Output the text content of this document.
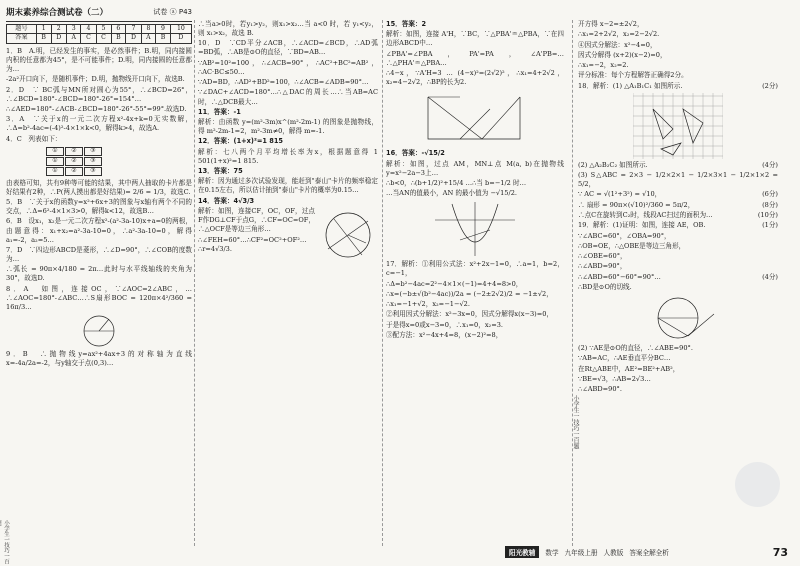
期末素养综合测试卷（二）	试卷 ⓐ P43
题号	1	2	3	4	5	6	7	8	9	10
答案	B	D	A	C	C	B	D	A	B	D

1．B　A.明，已经发生的事实，是必然事件；B.明，同内接圆内积的任意都为45°，是不可能事件；D.明，同内接圆的任意都为…

-2a²开口向下，是随机事件；D.明，抛物线开口向下，故选B.

2．D　∵ BC弧与MN所对圆心为55°，∴∠BCD=26°，∴∠BCD=180°-∠BCD=180°-26°=154°…

∴∠AED=180°-∠ACB-∠BCD=180°-26°-55°=99°.故选D.

3．A　∵关于x的一元二次方程x²-4x+k=0无实数解，∴Δ=b²-4ac=(-4)²-4×1×k<0，解得k>4，故选A.

4．C　列表如下：

①	②	③
①	②	③
①	②	③

由表格可知，共有9种等可能的结果，其中两人抽取的卡片都是好结果有2种，∴P(两人摸出都是好结果)= 2/6 = 1/3，故选C.

5．B　∵关于x的函数y=x²+6x+3的图象与x轴有两个不同的交点，∴Δ=6²-4×1×3>0，解得k<12，故选B…

6．B　设x₁，x₂是一元二次方程x²-(a²-3a-10)x+a=0的两根，由题意得：x₁+x₂=a²-3a-10=0，∴a²-3a-10=0，解得a₁=-2，a₂=5…

7．D　∵四边形ABCD是菱形，∴∠D=90°，∴∠COB的度数为…

∴弧长 = 90π×4/180 = 2π…此时与水平线轴线的夹角为30°，故选D.

8．A　如图，连接OC，∵∠AOC=2∠ABC，…∴∠AOC=180°-∠ABC…∴S扇形BOC = 120π×4²/360 = 16π/3…

9．B　∴抛物线y=ax²+4ax+3的对称轴为直线x=-4a/2a=-2，与y轴交于点(0,3)…

∴当a>0时，若y₁>y₂，则x₁>x₂…当 a<0 时，若 y₁<y₂，则 x₁>x₂，故选 B.

10．D　∵CD平分∠ACB，∴∠ACD=∠BCD，∴AD弧=BD弧，∴AB是⊙O的直径，∵BD=AB…

∵AB²=10²=100，∴∠ACB=90°，∴AC²+BC²=AB²，∴AC·BC≤50…

∵AD=BD，∴AD²+BD²=100，∴∠ACB=∠ADB=90°…

∵∠DAC+∠ACD=180°…∴△DAC的周长…∴当AB=AC时，∴△DCB最大…

11．答案：-1

解析：由函数 y=(m²-3m)x^(m²-2m-1) 的图象是抛物线，得 m²-2m-1=2，m²-3m≠0，解得 m=-1.

12．答案：(1+x)²=1 815

解析：七八两个月平均增长率为x，根据题意得 1 501(1+x)²=1 815.

13．答案：75

解析：因为通过多次试验发现，能赶到"泰山"卡片的频率稳定在0.15左右，所以估计抽到"泰山"卡片的概率为0.15…

14．答案：4√3/3

解析：如图，连接CF，OC，OF，过点F作DG⊥CF于点G，∴CF=OC=OF，∴△OCF是等边三角形…

∴∠FEH=60°…∴CF²=OC²+OF²…∴r=4√3/3.

15．答案：2

解析：如图，连接 A'H，∵BC，∵△PBA'≅△PBA，∵在四边形ABCD中…

∠PBA'=∠PBA，PA'=PA，∠A'PB=…∴△PHA'≅△PBA…

∴4−x，∵A'H=3 … (4−x)²=(2√2)²，∴x₁=4+2√2，x₂=4−2√2，∴BP的长为2.

16．答案：-√15/2

解析：如图，过点 AM，MN⊥点 M(a, b)在抛物线 y=x²−2a−3上…

∴b<0，∴(b+1/2)²+15/4 …∴当 b=−1/2 时…

…当AN的值最小，AN 的最小值为 −√15/2.

17．解析：①利用公式法：x²+2x−1=0，∴a=1，b=2，c=−1，

∴Δ=b²−4ac=2²−4×1×(−1)=4+4=8>0，

∴x=(−b±√(b²−4ac))/2a = (−2±2√2)/2 = −1±√2，

∴x₁=−1+√2，x₂=−1−√2.

②利用因式分解法：x²−3x=0，因式分解得x(x−3)=0，

于是得x=0或x−3=0，∴x₁=0，x₂=3.

③配方法：x²−4x+4=8，(x−2)²=8，

小学生一技巧一百题
小学生一技巧一百

开方得 x−2=±2√2，

∴x₁=2+2√2，x₂=2−2√2.

④因式分解法：x²−4=0，

因式分解得 (x+2)(x−2)=0，

∴x₁=−2，x₂=2.

评分标准：每个方程解答正确得2分。

18．解析：(1) △A₁B₁C₁ 如图所示.	(2分)

(2) △A₂B₂C₂ 如图所示.	(4分)

(3) S△ABC = 2×3 − 1/2×2×1 − 1/2×3×1 − 1/2×1×2 = 5/2，

∵ AC = √(1²+3²) = √10，	(6分)

∴ 扇形 = 90π×(√10)²/360 = 5π/2，	(8分)

∴点C在旋转到C₂时，线段AC扫过的面积为…	(10分)

19．解析：(1)证明：如图，连接 AE，OB.	(1分)

∵∠ABC=60°，∠OBA=90°，

∴OB=OE，∴△OBE是等边三角形，

∴∠OBE=60°，

∴∠ABD=90°，

∴∠ABD=60°−60°=90°…	(4分)

∴BD是⊙O的切线.

(2) ∵AE是⊙O的直径，∴∠ABE=90°.

∵AB=AC，∴AE垂直平分BC…

在Rt△ABE中，AE²=BE²+AB²，

∵BE=√3，∴AB=2√3…

∴∠ABD=90°.

阳光教辅	数学 九年级上册 人教版 答案全解全析	73
